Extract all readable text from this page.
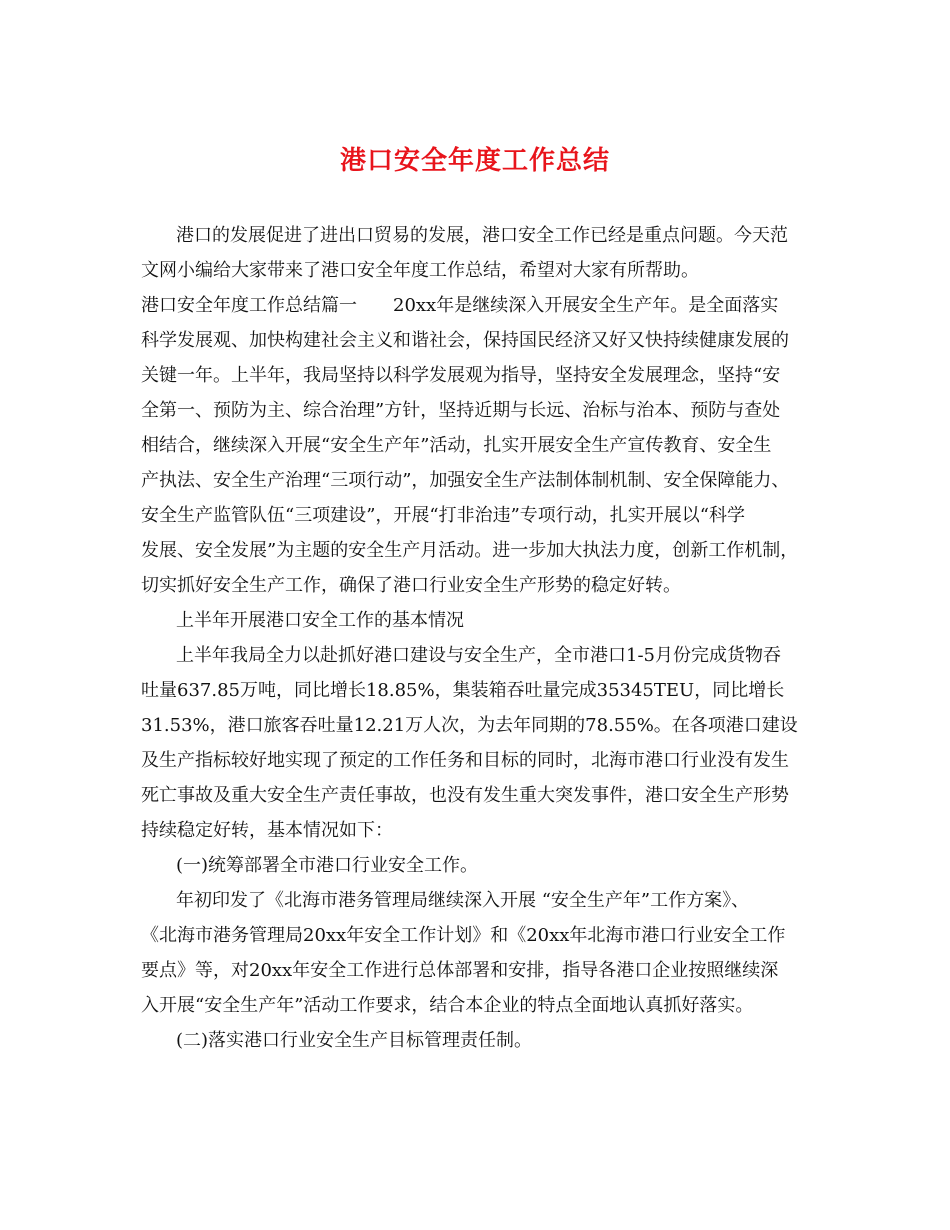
港口安全年度工作总结
港口的发展促进了进出口贸易的发展，港口安全工作已经是重点问题。今天范
文网小编给大家带来了港口安全年度工作总结，希望对大家有所帮助。
港口安全年度工作总结篇一 20xx年是继续深入开展安全生产年。是全面落实
科学发展观、加快构建社会主义和谐社会，保持国民经济又好又快持续健康发展的
关键一年。上半年，我局坚持以科学发展观为指导，坚持安全发展理念，坚持“安
全第一、预防为主、综合治理”方针，坚持近期与长远、治标与治本、预防与查处
相结合，继续深入开展“安全生产年”活动，扎实开展安全生产宣传教育、安全生
产执法、安全生产治理“三项行动”，加强安全生产法制体制机制、安全保障能力、
安全生产监管队伍“三项建设”，开展“打非治违”专项行动，扎实开展以“科学
发展、安全发展”为主题的安全生产月活动。进一步加大执法力度，创新工作机制，
切实抓好安全生产工作，确保了港口行业安全生产形势的稳定好转。
上半年开展港口安全工作的基本情况
上半年我局全力以赴抓好港口建设与安全生产，全市港口1-5月份完成货物吞
吐量637.85万吨，同比增长18.85%，集装箱吞吐量完成35345TEU，同比增长
31.53%，港口旅客吞吐量12.21万人次，为去年同期的78.55%。在各项港口建设
及生产指标较好地实现了预定的工作任务和目标的同时，北海市港口行业没有发生
死亡事故及重大安全生产责任事故，也没有发生重大突发事件，港口安全生产形势
持续稳定好转，基本情况如下：
(一)统筹部署全市港口行业安全工作。
年初印发了《北海市港务管理局继续深入开展 “安全生产年”工作方案》、
《北海市港务管理局20xx年安全工作计划》和《20xx年北海市港口行业安全工作
要点》等，对20xx年安全工作进行总体部署和安排，指导各港口企业按照继续深
入开展“安全生产年”活动工作要求，结合本企业的特点全面地认真抓好落实。
(二)落实港口行业安全生产目标管理责任制。
